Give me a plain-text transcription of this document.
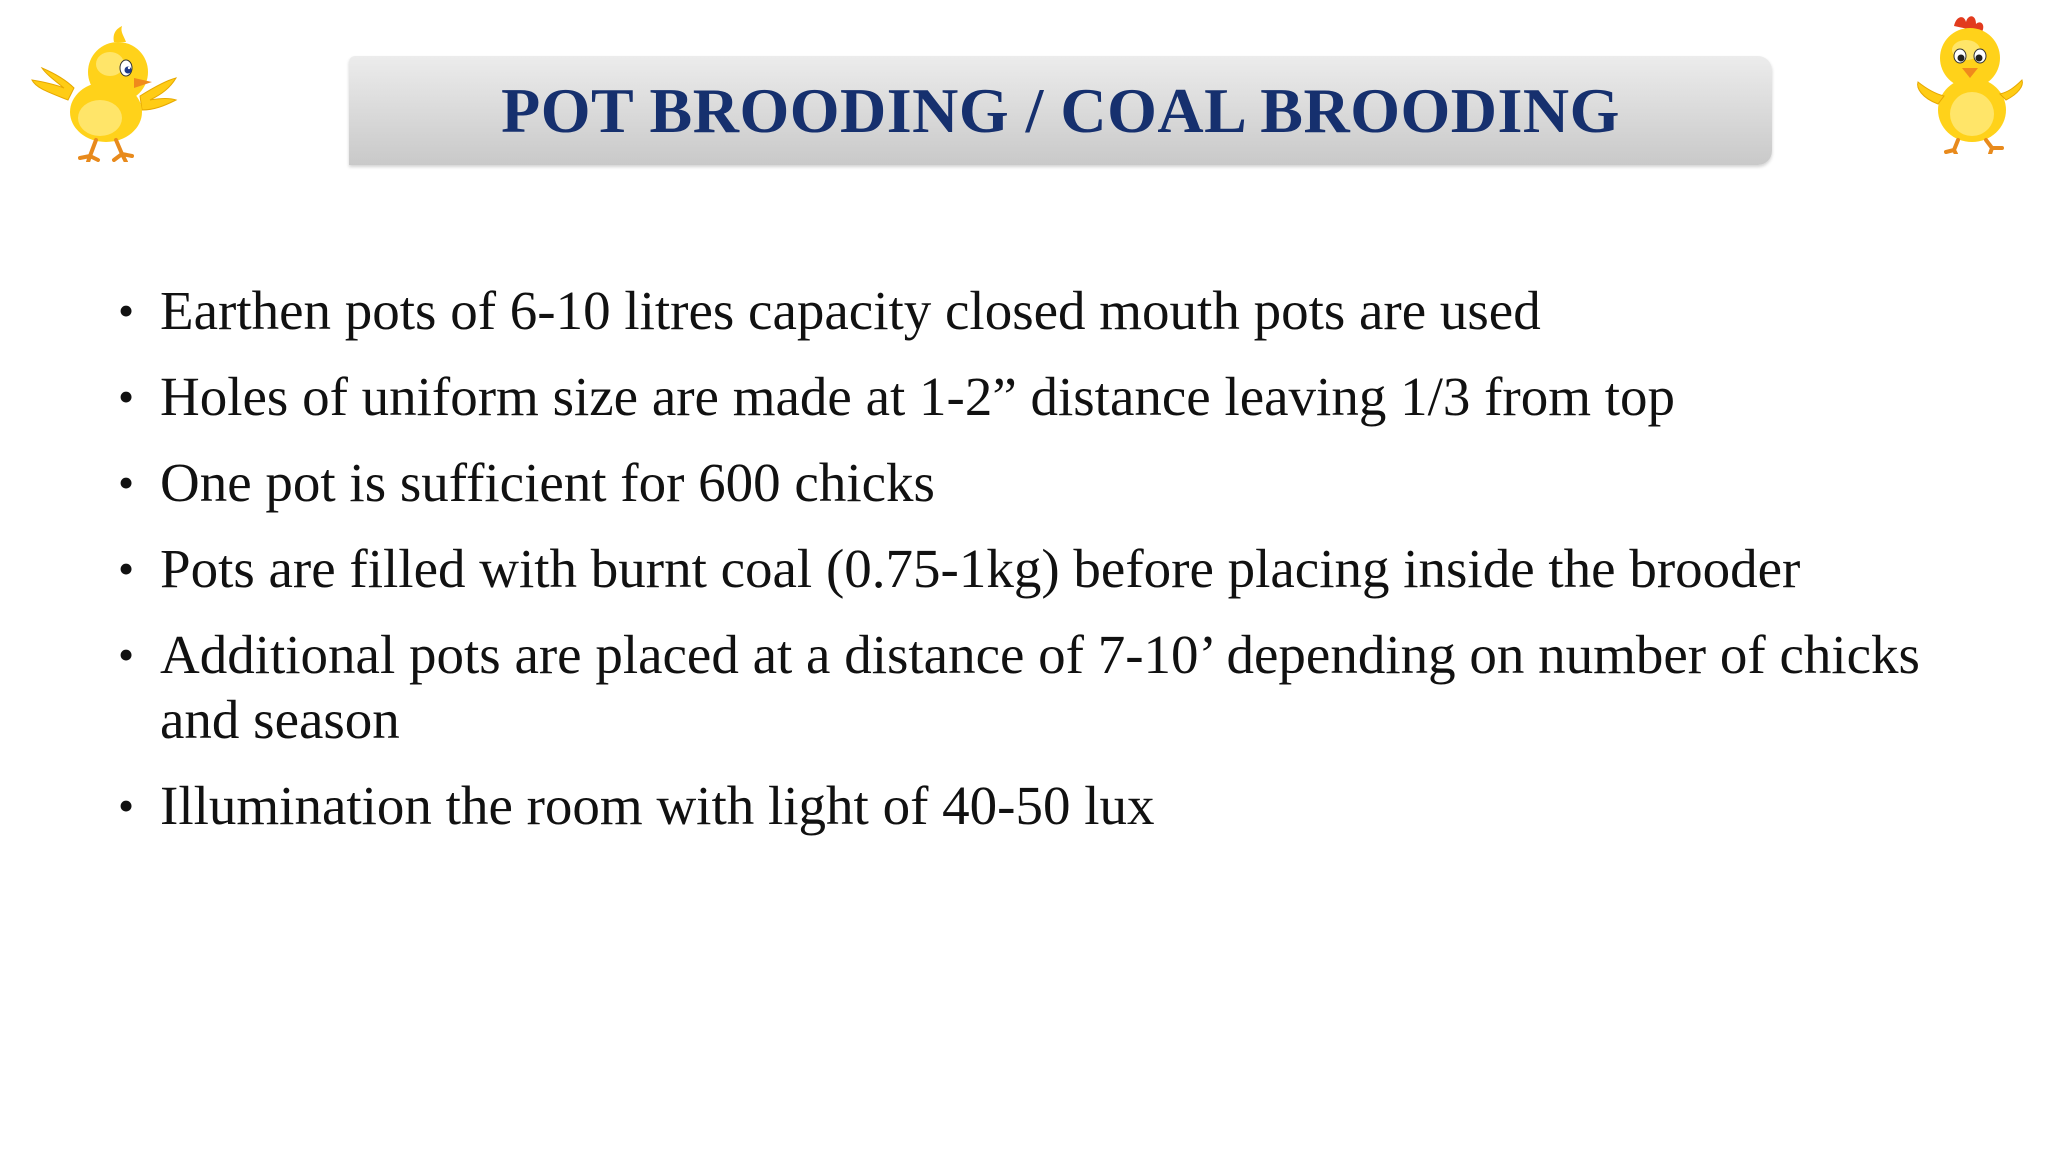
POT BROODING / COAL BROODING
• Earthen pots of 6-10 litres capacity closed mouth pots are used
• Holes of uniform size are made at 1-2” distance leaving 1/3 from top
• One pot is sufficient for 600 chicks
• Pots are filled with burnt coal (0.75-1kg) before placing inside the brooder
• Additional pots are placed at a distance of 7-10’ depending on number of chicks and season
• Illumination the room with light of 40-50 lux
